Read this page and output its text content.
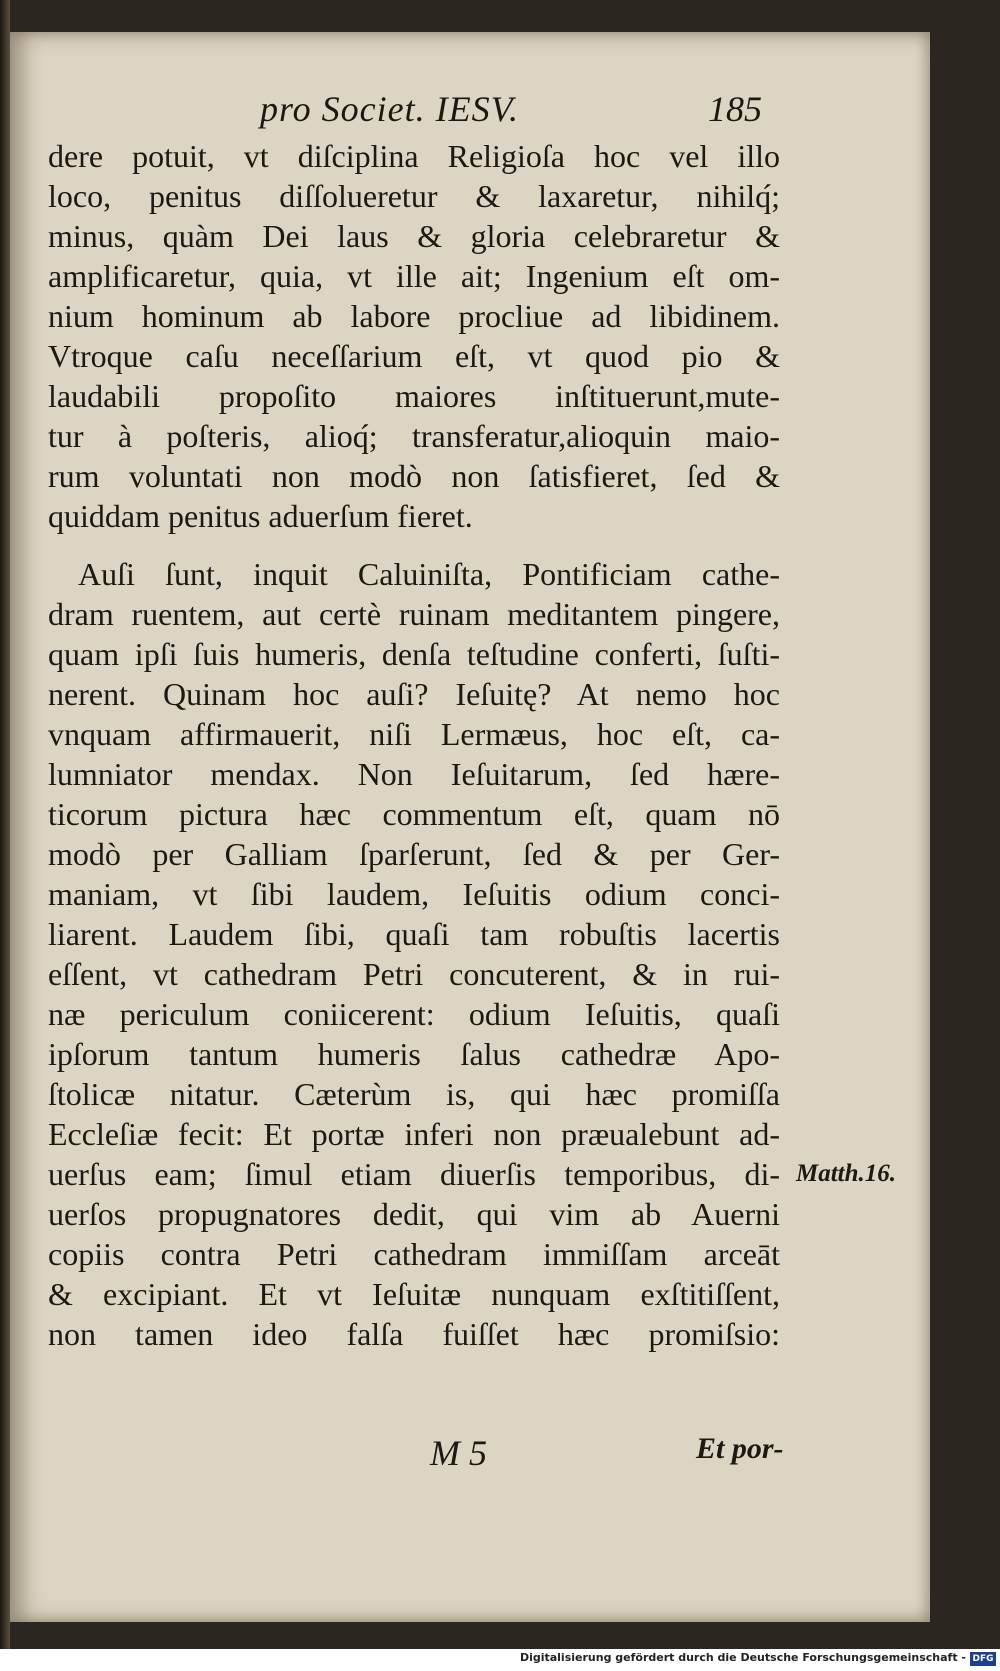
pro Societ. IESV.	185
dere potuit, vt diſciplina Religioſa hoc vel illo
loco, penitus diſſolueretur & laxaretur, nihilq́;
minus, quàm Dei laus & gloria celebraretur &
amplificaretur, quia, vt ille ait; Ingenium eſt om-
nium hominum ab labore procliue ad libidinem.
Vtroque caſu neceſſarium eſt, vt quod pio &
laudabili propoſito maiores inſtituerunt,mute-
tur à poſteris, alioq́; transferatur,alioquin maio-
rum voluntati non modò non ſatisfieret, ſed &
quiddam penitus aduerſum fieret.
Auſi ſunt, inquit Caluiniſta, Pontificiam cathe-
dram ruentem, aut certè ruinam meditantem pingere,
quam ipſi ſuis humeris, denſa teſtudine conferti, ſuſti-
nerent. Quinam hoc auſi? Ieſuitę? At nemo hoc
vnquam affirmauerit, niſi Lermæus, hoc eſt, ca-
lumniator mendax. Non Ieſuitarum, ſed hære-
ticorum pictura hæc commentum eſt, quam nō
modò per Galliam ſparſerunt, ſed & per Ger-
maniam, vt ſibi laudem, Ieſuitis odium conci-
liarent. Laudem ſibi, quaſi tam robuſtis lacertis
eſſent, vt cathedram Petri concuterent, & in rui-
næ periculum coniicerent: odium Ieſuitis, quaſi
ipſorum tantum humeris ſalus cathedræ Apo-
ſtolicæ nitatur. Cæterùm is, qui hæc promiſſa
Eccleſiæ fecit: Et portæ inferi non præualebunt ad-
uerſus eam; ſimul etiam diuerſis temporibus, di-
uerſos propugnatores dedit, qui vim ab Auerni
copiis contra Petri cathedram immiſſam arceāt
& excipiant. Et vt Ieſuitæ nunquam exſtitiſſent,
non tamen ideo falſa fuiſſet hæc promiſsio:
Matth.16.
M 5	Et por-
Digitalisierung gefördert durch die Deutsche Forschungsgemeinschaft - DFG
